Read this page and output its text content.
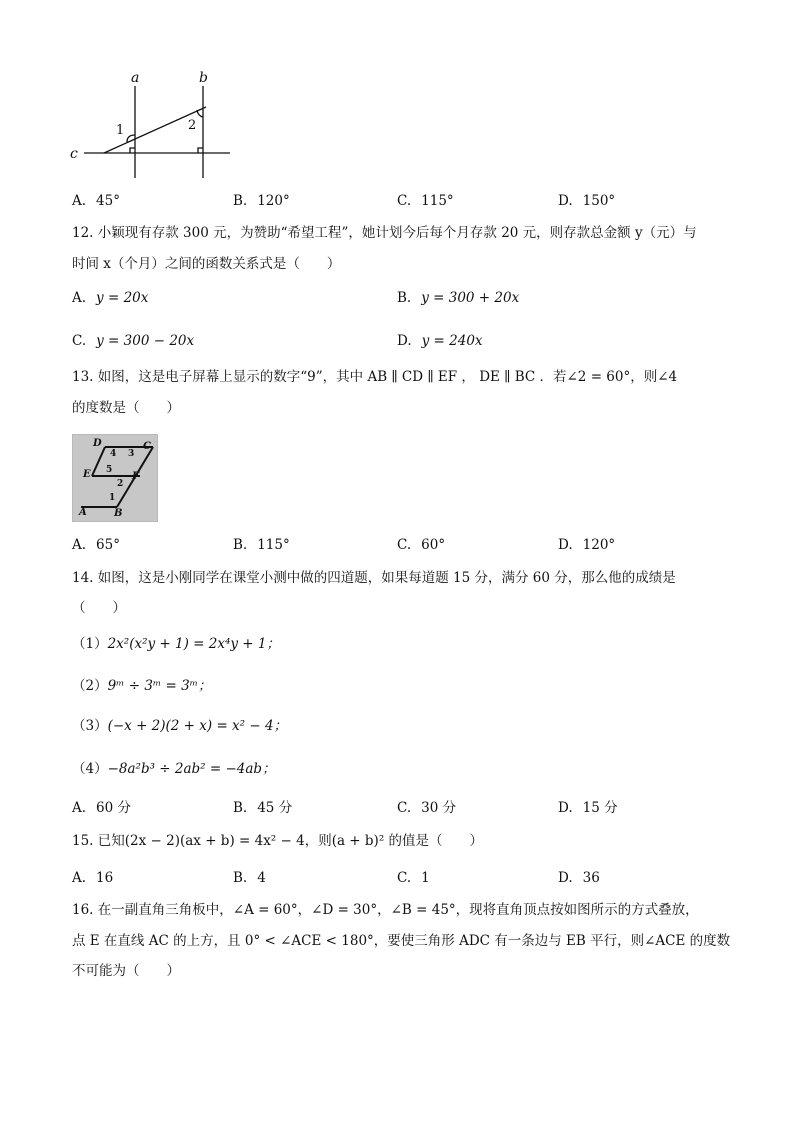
a	b
c
1	2
A. 45°	B. 120°	C. 115°	D. 150°
12. 小颖现有存款 300 元，为赞助“希望工程”，她计划今后每个月存款 20 元，则存款总金额 y（元）与
时间 x（个月）之间的函数关系式是（　　）
A. y = 20x	B. y = 300 + 20x
C. y = 300 − 20x	D. y = 240x
13. 如图，这是电子屏幕上显示的数字“9”，其中 AB ∥ CD ∥ EF ， DE ∥ BC ．若∠2 = 60°，则∠4
的度数是（　　）
D	C
E	F
A	B
4 3
5
2
1
A. 65°	B. 115°	C. 60°	D. 120°
14. 如图，这是小刚同学在课堂小测中做的四道题，如果每道题 15 分，满分 60 分，那么他的成绩是
（　　）
（1）2x²(x²y + 1) = 2x⁴y + 1；
（2）9ᵐ ÷ 3ᵐ = 3ᵐ；
（3）(−x + 2)(2 + x) = x² − 4；
（4）−8a²b³ ÷ 2ab² = −4ab；
A. 60 分	B. 45 分	C. 30 分	D. 15 分
15. 已知(2x − 2)(ax + b) = 4x² − 4，则(a + b)² 的值是（　　）
A. 16	B. 4	C. 1	D. 36
16. 在一副直角三角板中，∠A = 60°，∠D = 30°，∠B = 45°，现将直角顶点按如图所示的方式叠放，
点 E 在直线 AC 的上方，且 0° < ∠ACE < 180°，要使三角形 ADC 有一条边与 EB 平行，则∠ACE 的度数
不可能为（　　）
